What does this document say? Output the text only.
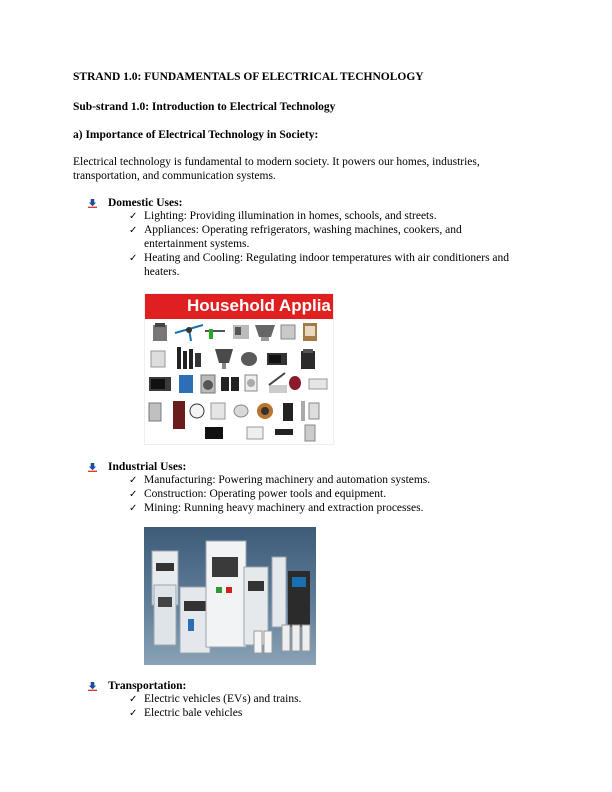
STRAND 1.0: FUNDAMENTALS OF ELECTRICAL TECHNOLOGY
Sub-strand 1.0: Introduction to Electrical Technology
a) Importance of Electrical Technology in Society:
Electrical technology is fundamental to modern society. It powers our homes, industries,
transportation, and communication systems.
Domestic Uses:
✓ Lighting: Providing illumination in homes, schools, and streets.
✓ Appliances: Operating refrigerators, washing machines, cookers, and
entertainment systems.
✓ Heating and Cooling: Regulating indoor temperatures with air conditioners and
heaters.
Household Applia
Industrial Uses:
✓ Manufacturing: Powering machinery and automation systems.
✓ Construction: Operating power tools and equipment.
✓ Mining: Running heavy machinery and extraction processes.
Transportation:
✓ Electric vehicles (EVs) and trains.
✓ Electric bale vehicles
